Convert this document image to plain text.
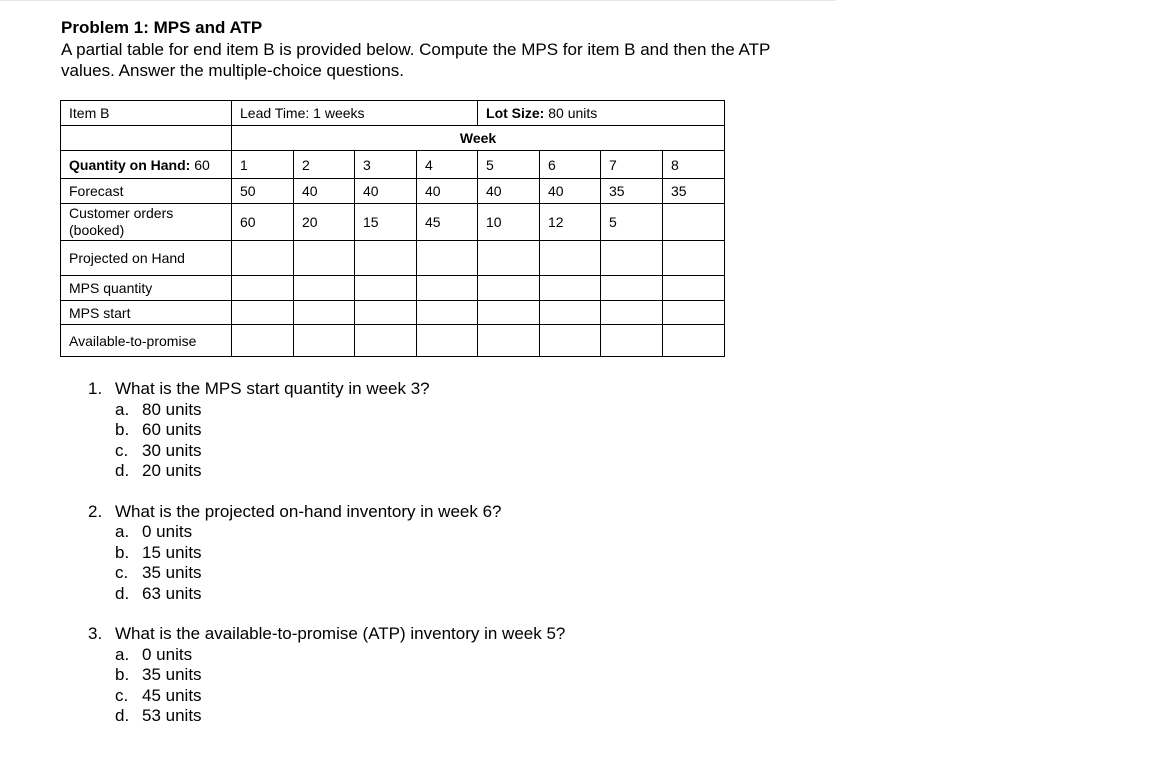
Problem 1: MPS and ATP
A partial table for end item B is provided below. Compute the MPS for item B and then the ATP values. Answer the multiple-choice questions.
Item B	Lead Time: 1 weeks				Lot Size: 80 units			
	Week							
Quantity on Hand: 60	1	2	3	4	5	6	7	8
Forecast	50	40	40	40	40	40	35	35
Customer orders (booked)	60	20	15	45	10	12	5	
Projected on Hand								
MPS quantity								
MPS start								
Available-to-promise								
1. What is the MPS start quantity in week 3?
a. 80 units
b. 60 units
c. 30 units
d. 20 units
2. What is the projected on-hand inventory in week 6?
a. 0 units
b. 15 units
c. 35 units
d. 63 units
3. What is the available-to-promise (ATP) inventory in week 5?
a. 0 units
b. 35 units
c. 45 units
d. 53 units
